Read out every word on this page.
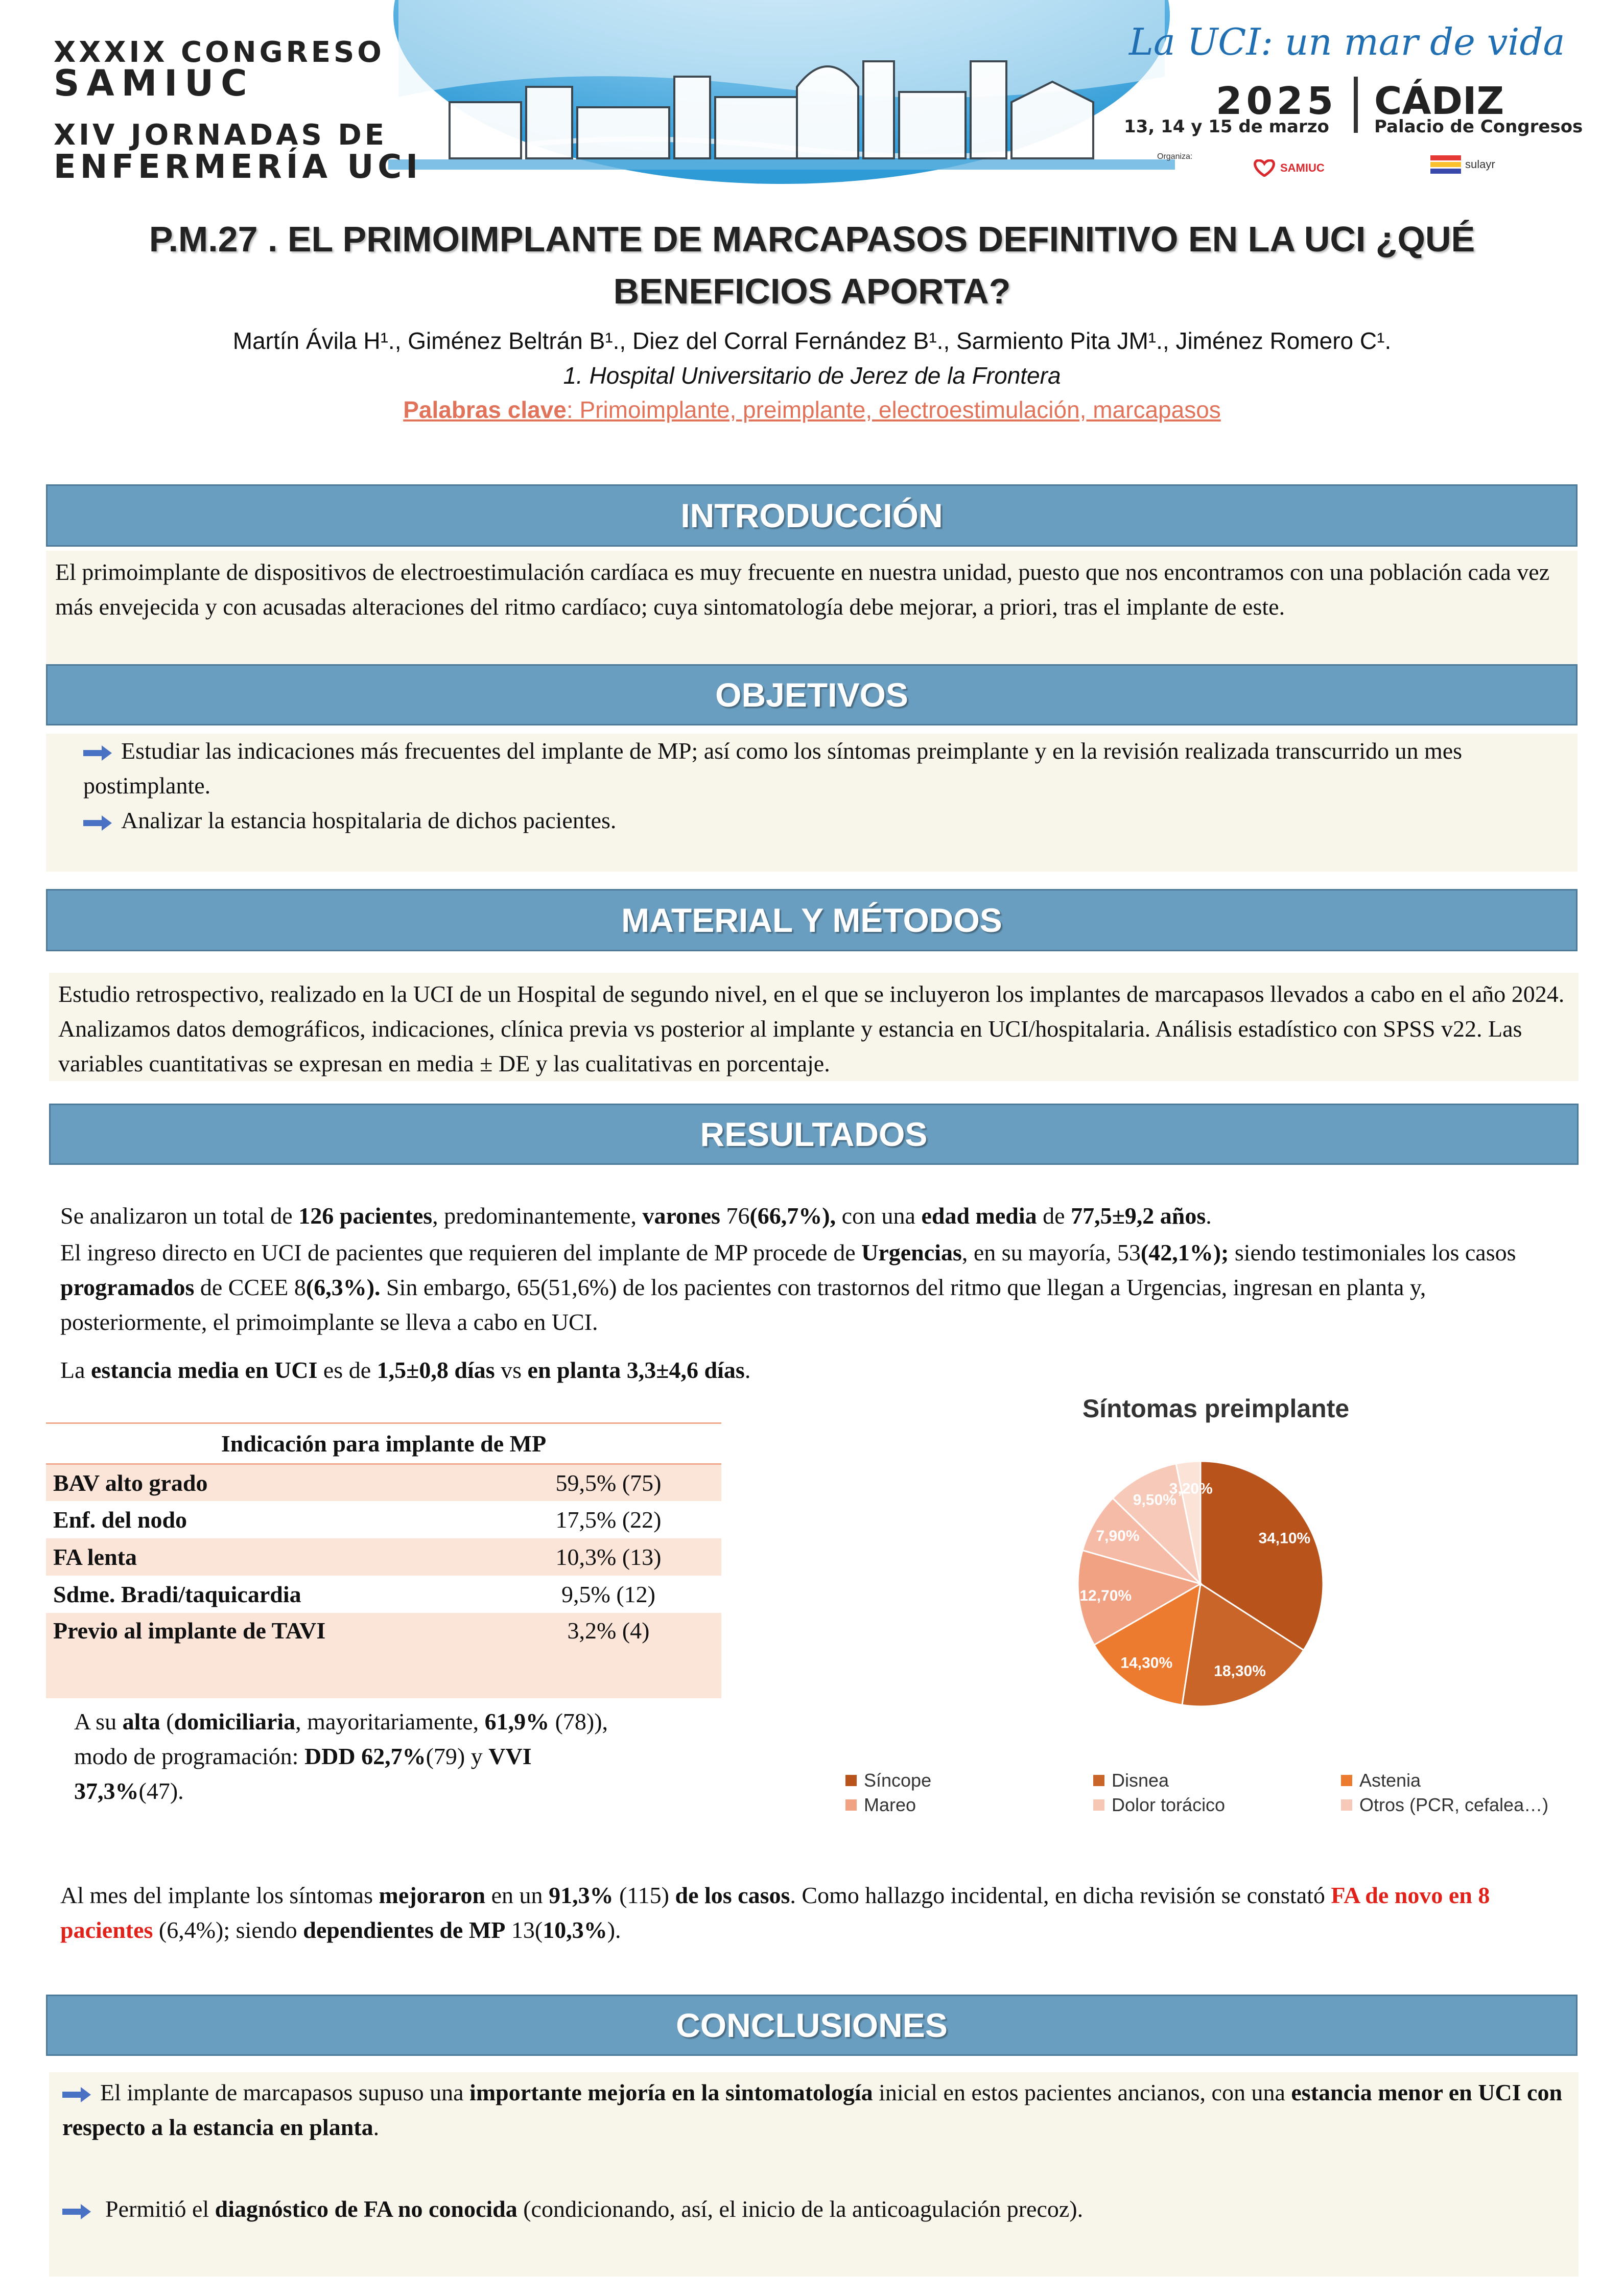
XXXIX CONGRESO
SAMIUC
XIV JORNADAS DE
ENFERMERÍA UCI
La UCI: un mar de vida
2025 CÁDIZ
13, 14 y 15 de marzo	Palacio de Congresos
Organiza:
SAMIUC	sulayr
P.M.27 . EL PRIMOIMPLANTE DE MARCAPASOS DEFINITIVO EN LA UCI ¿QUÉ
BENEFICIOS APORTA?
Martín Ávila H¹., Giménez Beltrán B¹., Diez del Corral Fernández B¹., Sarmiento Pita JM¹., Jiménez Romero C¹.
1. Hospital Universitario de Jerez de la Frontera
Palabras clave: Primoimplante, preimplante, electroestimulación, marcapasos
INTRODUCCIÓN
El primoimplante de dispositivos de electroestimulación cardíaca es muy frecuente en nuestra unidad, puesto que nos encontramos con una población cada vez más envejecida y con acusadas alteraciones del ritmo cardíaco; cuya sintomatología debe mejorar, a priori, tras el implante de este.
OBJETIVOS
Estudiar las indicaciones más frecuentes del implante de MP; así como los síntomas preimplante y en la revisión realizada transcurrido un mes postimplante.
Analizar la estancia hospitalaria de dichos pacientes.
MATERIAL Y MÉTODOS
Estudio retrospectivo, realizado en la UCI de un Hospital de segundo nivel, en el que se incluyeron los implantes de marcapasos llevados a cabo en el año 2024. Analizamos datos demográficos, indicaciones, clínica previa vs posterior al implante y estancia en UCI/hospitalaria. Análisis estadístico con SPSS v22. Las variables cuantitativas se expresan en media ± DE y las cualitativas en porcentaje.
RESULTADOS
Se analizaron un total de 126 pacientes, predominantemente, varones 76(66,7%), con una edad media de 77,5±9,2 años.
El ingreso directo en UCI de pacientes que requieren del implante de MP procede de Urgencias, en su mayoría, 53(42,1%); siendo testimoniales los casos programados de CCEE 8(6,3%). Sin embargo, 65(51,6%) de los pacientes con trastornos del ritmo que llegan a Urgencias, ingresan en planta y, posteriormente, el primoimplante se lleva a cabo en UCI.
La estancia media en UCI es de 1,5±0,8 días vs en planta 3,3±4,6 días.
Indicación para implante de MP	
BAV alto grado	59,5% (75)
Enf. del nodo	17,5% (22)
FA lenta	10,3% (13)
Sdme. Bradi/taquicardia	9,5% (12)
Previo al implante de TAVI	3,2% (4)
A su alta (domiciliaria, mayoritariamente, 61,9% (78)),
modo de programación: DDD 62,7%(79) y VVI
37,3%(47).
Síntomas preimplante
34,10%
18,30%
14,30%
12,70%
7,90%
9,50%
3,20%
Síncope	Disnea	Astenia
Mareo	Dolor torácico	Otros (PCR, cefalea…)
Al mes del implante los síntomas mejoraron en un 91,3% (115) de los casos. Como hallazgo incidental, en dicha revisión se constató FA de novo en 8 pacientes (6,4%); siendo dependientes de MP 13(10,3%).
CONCLUSIONES
El implante de marcapasos supuso una importante mejoría en la sintomatología inicial en estos pacientes ancianos, con una estancia menor en UCI con respecto a la estancia en planta.
Permitió el diagnóstico de FA no conocida (condicionando, así, el inicio de la anticoagulación precoz).
